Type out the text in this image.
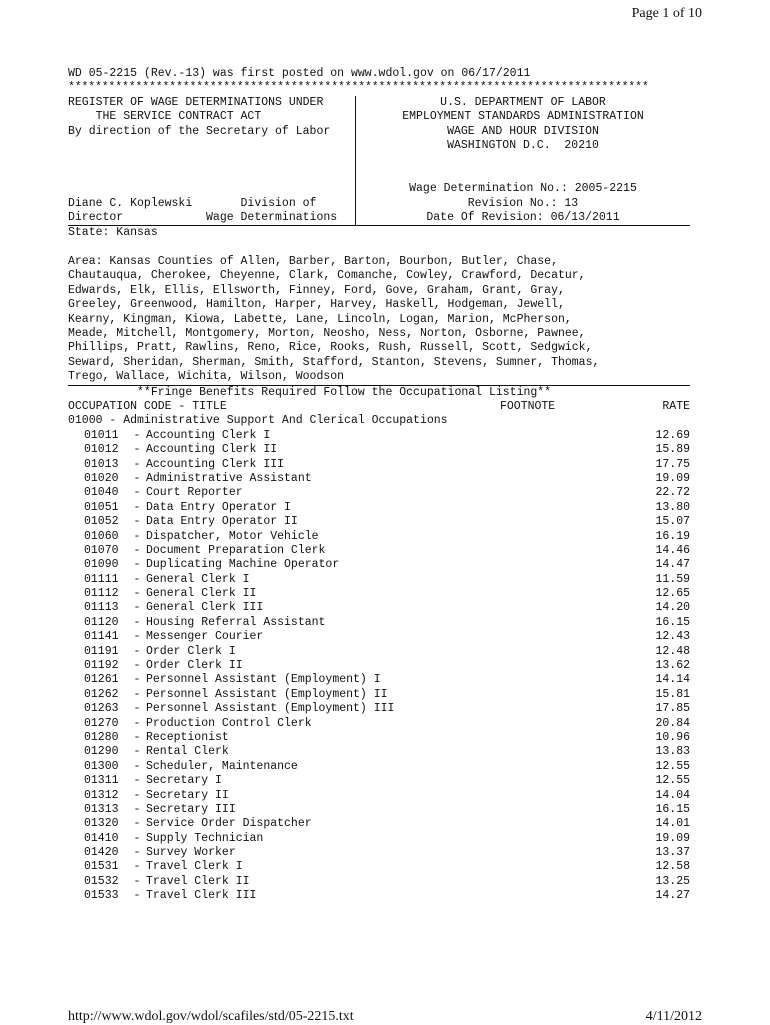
Page 1 of 10
WD 05-2215 (Rev.-13) was first posted on www.wdol.gov on 06/17/2011
**************************************************************************************
REGISTER OF WAGE DETERMINATIONS UNDER
THE SERVICE CONTRACT ACT
By direction of the Secretary of Labor
Diane C. Koplewski       Division of
Director            Wage Determinations
U.S. DEPARTMENT OF LABOR
EMPLOYMENT STANDARDS ADMINISTRATION
WAGE AND HOUR DIVISION
WASHINGTON D.C.  20210
Wage Determination No.: 2005-2215
Revision No.: 13
Date Of Revision: 06/13/2011
State: Kansas
Area: Kansas Counties of Allen, Barber, Barton, Bourbon, Butler, Chase,
Chautauqua, Cherokee, Cheyenne, Clark, Comanche, Cowley, Crawford, Decatur,
Edwards, Elk, Ellis, Ellsworth, Finney, Ford, Gove, Graham, Grant, Gray,
Greeley, Greenwood, Hamilton, Harper, Harvey, Haskell, Hodgeman, Jewell,
Kearny, Kingman, Kiowa, Labette, Lane, Lincoln, Logan, Marion, McPherson,
Meade, Mitchell, Montgomery, Morton, Neosho, Ness, Norton, Osborne, Pawnee,
Phillips, Pratt, Rawlins, Reno, Rice, Rooks, Rush, Russell, Scott, Sedgwick,
Seward, Sheridan, Sherman, Smith, Stafford, Stanton, Stevens, Sumner, Thomas,
Trego, Wallace, Wichita, Wilson, Woodson
**Fringe Benefits Required Follow the Occupational Listing**
OCCUPATION CODE - TITLE	FOOTNOTE	RATE
01000 - Administrative Support And Clerical Occupations
01011	- Accounting Clerk I	12.69
01012	- Accounting Clerk II	15.89
01013	- Accounting Clerk III	17.75
01020	- Administrative Assistant	19.09
01040	- Court Reporter	22.72
01051	- Data Entry Operator I	13.80
01052	- Data Entry Operator II	15.07
01060	- Dispatcher, Motor Vehicle	16.19
01070	- Document Preparation Clerk	14.46
01090	- Duplicating Machine Operator	14.47
01111	- General Clerk I	11.59
01112	- General Clerk II	12.65
01113	- General Clerk III	14.20
01120	- Housing Referral Assistant	16.15
01141	- Messenger Courier	12.43
01191	- Order Clerk I	12.48
01192	- Order Clerk II	13.62
01261	- Personnel Assistant (Employment) I	14.14
01262	- Personnel Assistant (Employment) II	15.81
01263	- Personnel Assistant (Employment) III	17.85
01270	- Production Control Clerk	20.84
01280	- Receptionist	10.96
01290	- Rental Clerk	13.83
01300	- Scheduler, Maintenance	12.55
01311	- Secretary I	12.55
01312	- Secretary II	14.04
01313	- Secretary III	16.15
01320	- Service Order Dispatcher	14.01
01410	- Supply Technician	19.09
01420	- Survey Worker	13.37
01531	- Travel Clerk I	12.58
01532	- Travel Clerk II	13.25
01533	- Travel Clerk III	14.27
http://www.wdol.gov/wdol/scafiles/std/05-2215.txt	4/11/2012
